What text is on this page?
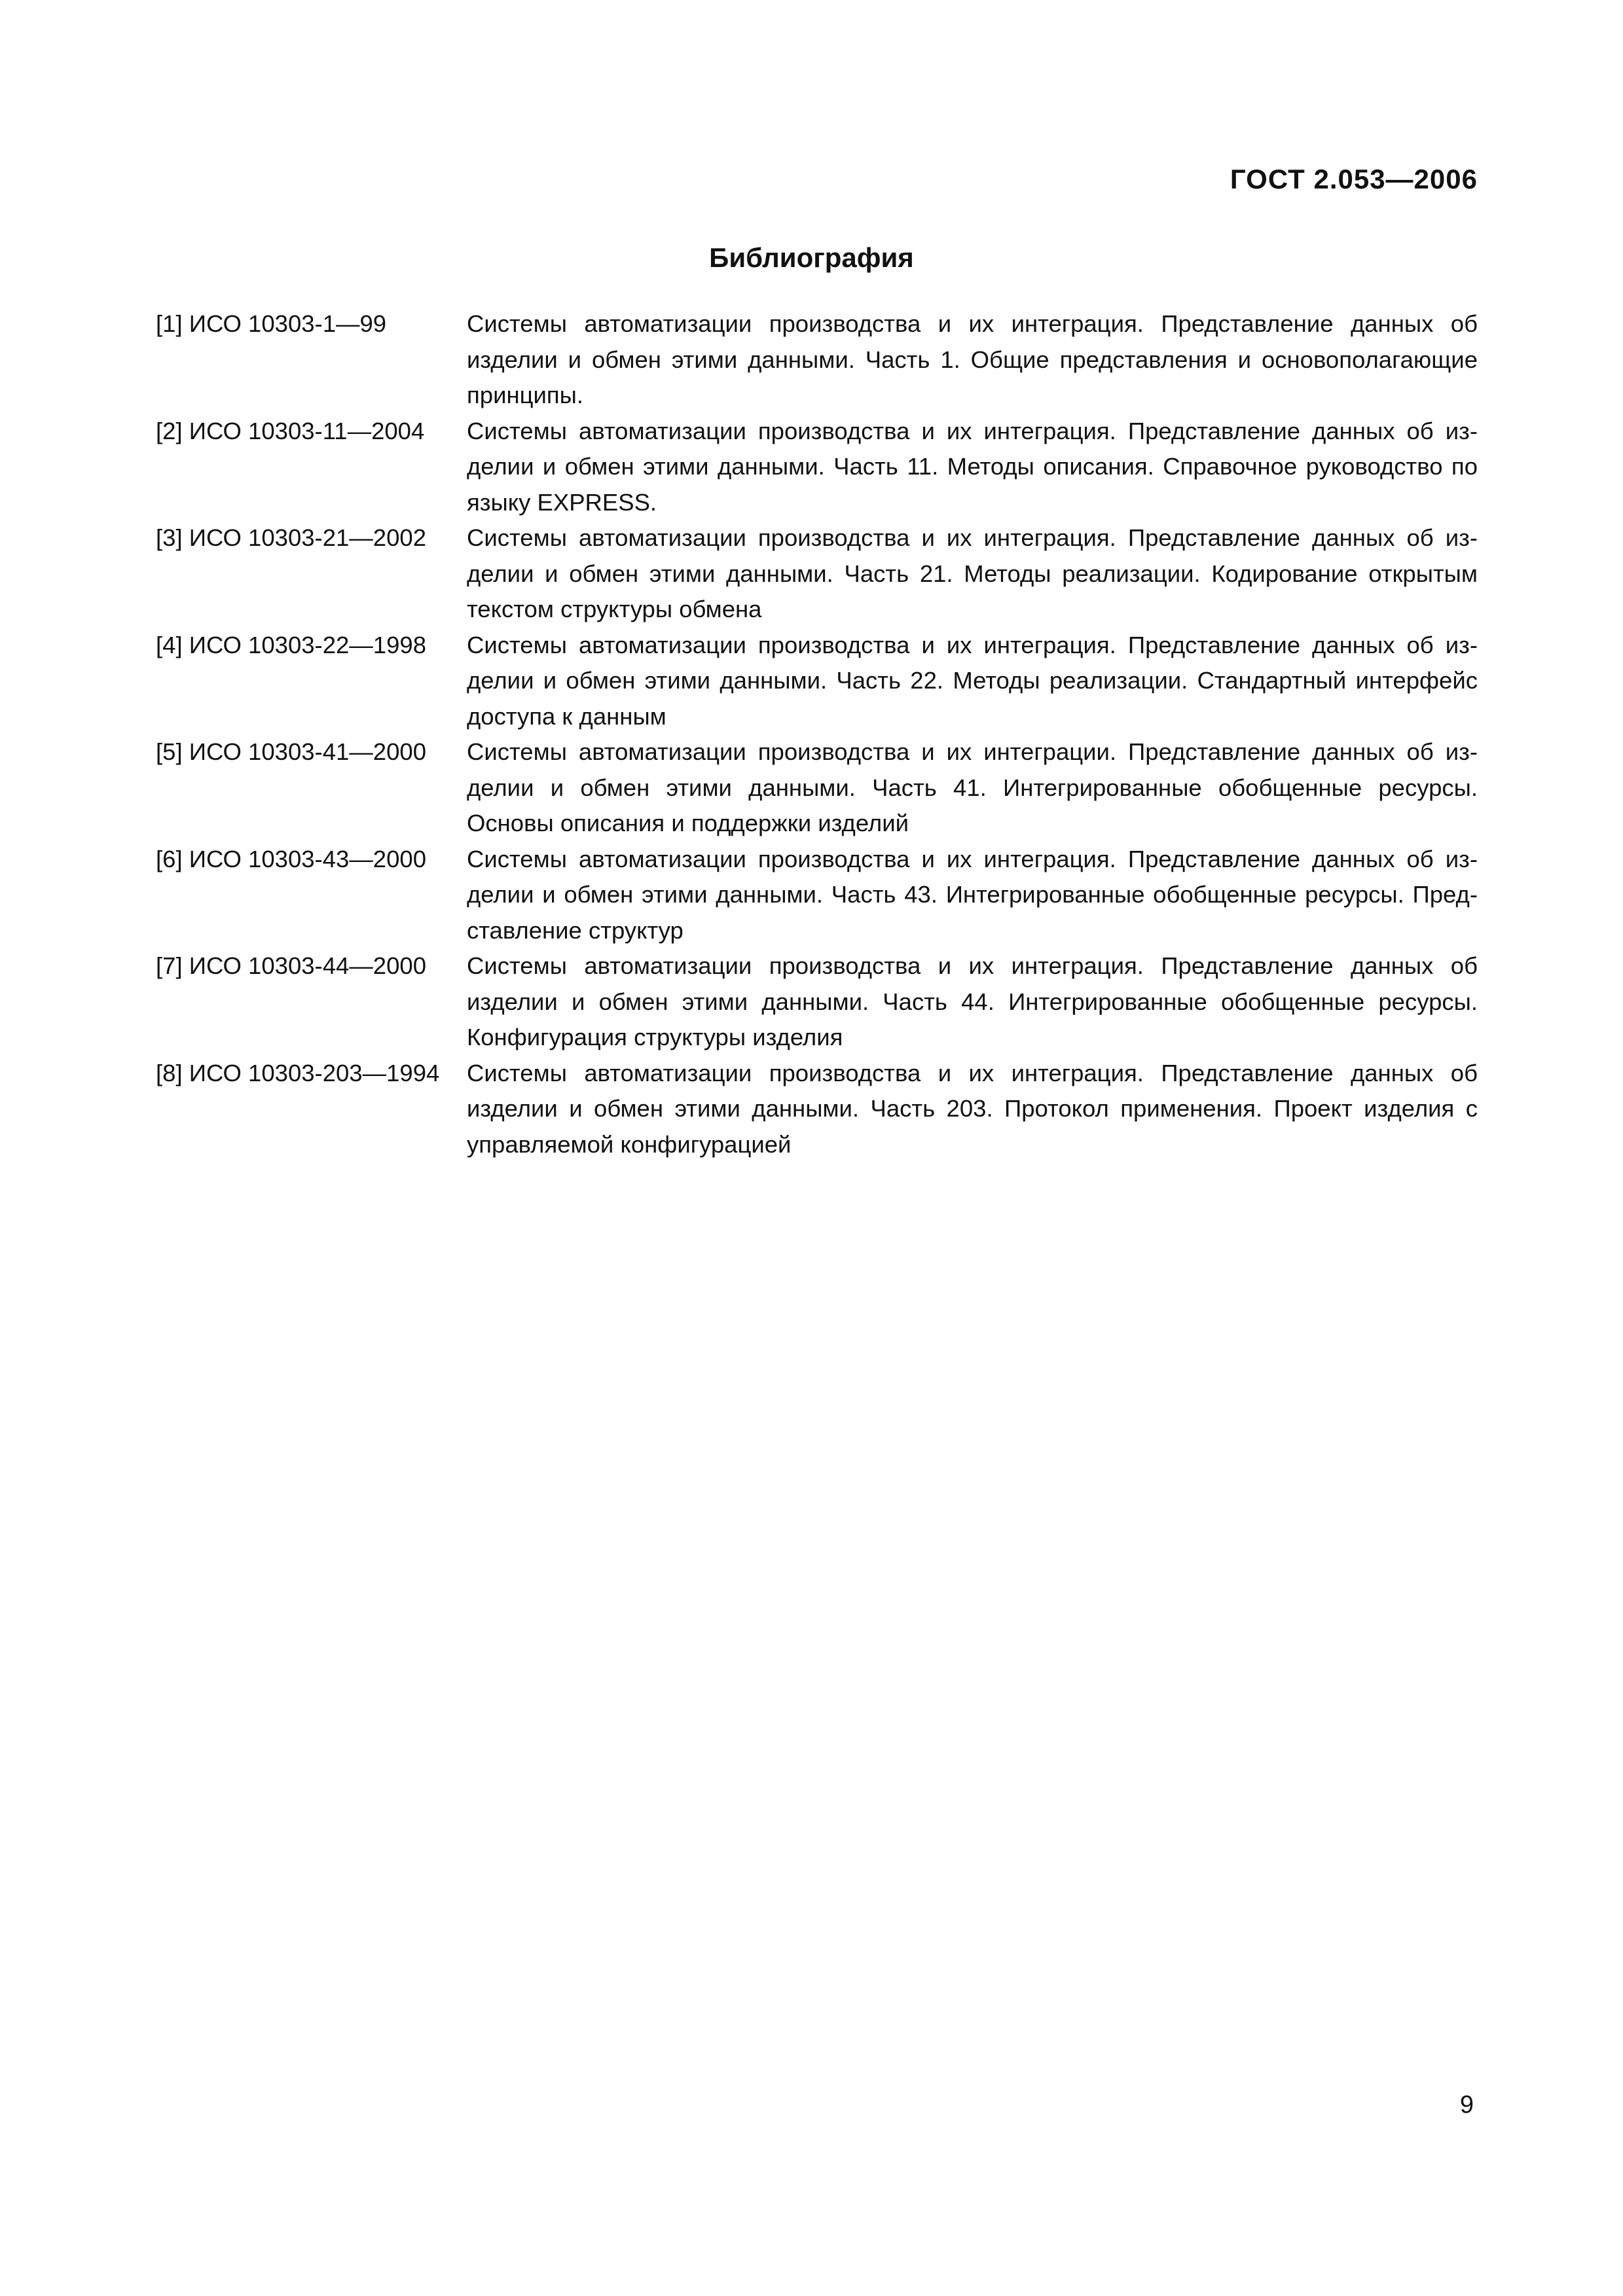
ГОСТ 2.053—2006
Библиография
[1] ИСО 10303-1—99	Системы автоматизации производства и их интеграция. Представление данных об изделии и обмен этими данными. Часть 1. Общие представления и основополагающие принципы.
[2] ИСО 10303-11—2004	Системы автоматизации производства и их интеграция. Представление данных об изделии и обмен этими данными. Часть 11. Методы описания. Справочное руководство по языку EXPRESS.
[3] ИСО 10303-21—2002	Системы автоматизации производства и их интеграция. Представление данных об изделии и обмен этими данными. Часть 21. Методы реализации. Кодирование открытым текстом структуры обмена
[4] ИСО 10303-22—1998	Системы автоматизации производства и их интеграция. Представление данных об изделии и обмен этими данными. Часть 22. Методы реализации. Стандартный интерфейс доступа к данным
[5] ИСО 10303-41—2000	Системы автоматизации производства и их интеграции. Представление данных об изделии и обмен этими данными. Часть 41. Интегрированные обобщенные ресурсы. Основы описания и поддержки изделий
[6] ИСО 10303-43—2000	Системы автоматизации производства и их интеграция. Представление данных об изделии и обмен этими данными. Часть 43. Интегрированные обобщенные ресурсы. Представление структур
[7] ИСО 10303-44—2000	Системы автоматизации производства и их интеграция. Представление данных об изделии и обмен этими данными. Часть 44. Интегрированные обобщенные ресурсы. Конфигурация структуры изделия
[8] ИСО 10303-203—1994	Системы автоматизации производства и их интеграция. Представление данных об изделии и обмен этими данными. Часть 203. Протокол применения. Проект изделия с управляемой конфигурацией
9
